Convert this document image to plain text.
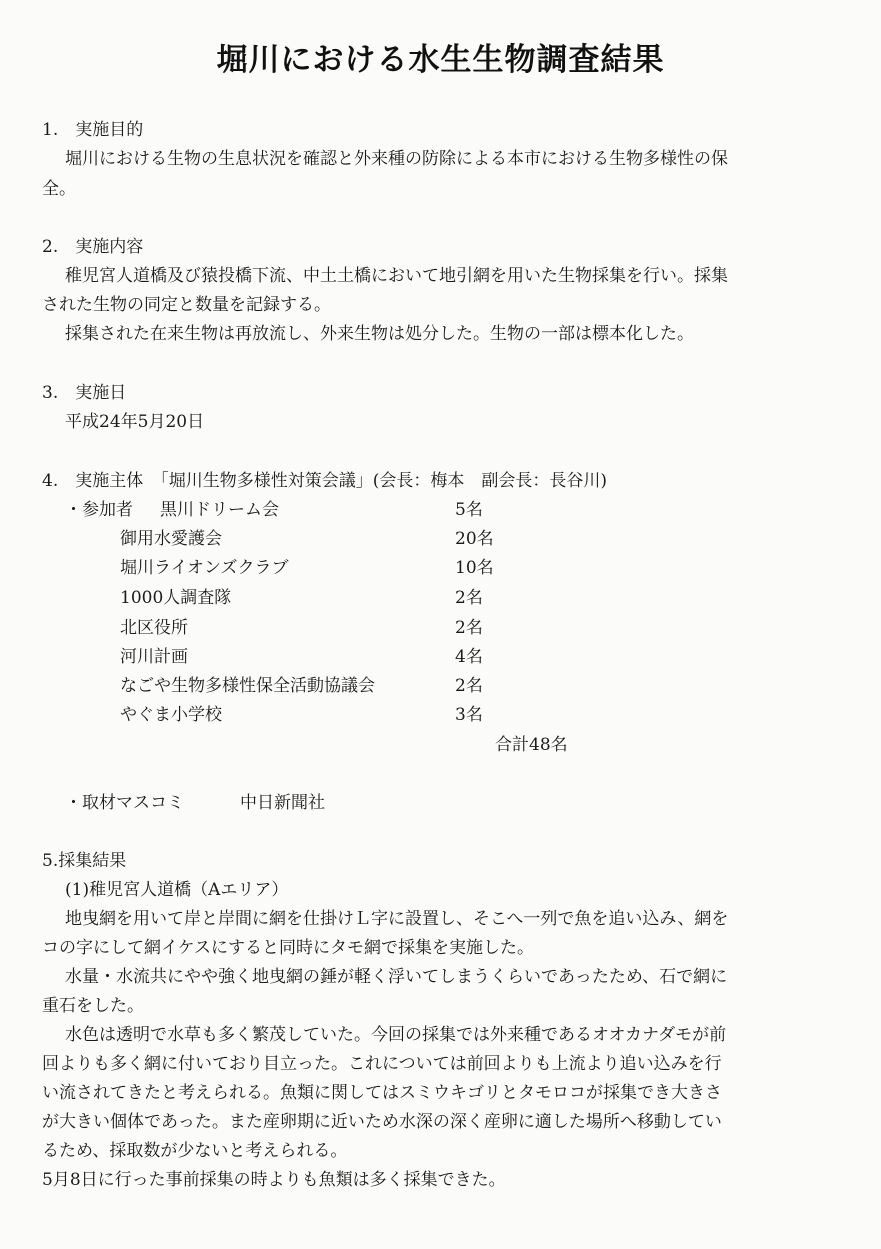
堀川における水生生物調査結果
1.　実施目的
堀川における生物の生息状況を確認と外来種の防除による本市における生物多様性の保
全。
2.　実施内容
稚児宮人道橋及び猿投橋下流、中土土橋において地引網を用いた生物採集を行い。採集
された生物の同定と数量を記録する。
採集された在来生物は再放流し、外来生物は処分した。生物の一部は標本化した。
3.　実施日
平成24年5月20日
4.　実施主体　「堀川生物多様性対策会議」(会長：梅本　副会長：長谷川)
・参加者 黒川ドリーム会	5名
御用水愛護会	20名
堀川ライオンズクラブ	10名
1000人調査隊	2名
北区役所	2名
河川計画	4名
なごや生物多様性保全活動協議会	2名
やぐま小学校	3名
合計48名
・取材マスコミ	中日新聞社
5.採集結果
(1)稚児宮人道橋（Aエリア）
地曳網を用いて岸と岸間に網を仕掛けＬ字に設置し、そこへ一列で魚を追い込み、網を
コの字にして網イケスにすると同時にタモ網で採集を実施した。
水量・水流共にやや強く地曳網の錘が軽く浮いてしまうくらいであったため、石で網に
重石をした。
水色は透明で水草も多く繁茂していた。今回の採集では外来種であるオオカナダモが前
回よりも多く網に付いており目立った。これについては前回よりも上流より追い込みを行
い流されてきたと考えられる。魚類に関してはスミウキゴリとタモロコが採集でき大きさ
が大きい個体であった。また産卵期に近いため水深の深く産卵に適した場所へ移動してい
るため、採取数が少ないと考えられる。
5月8日に行った事前採集の時よりも魚類は多く採集できた。
